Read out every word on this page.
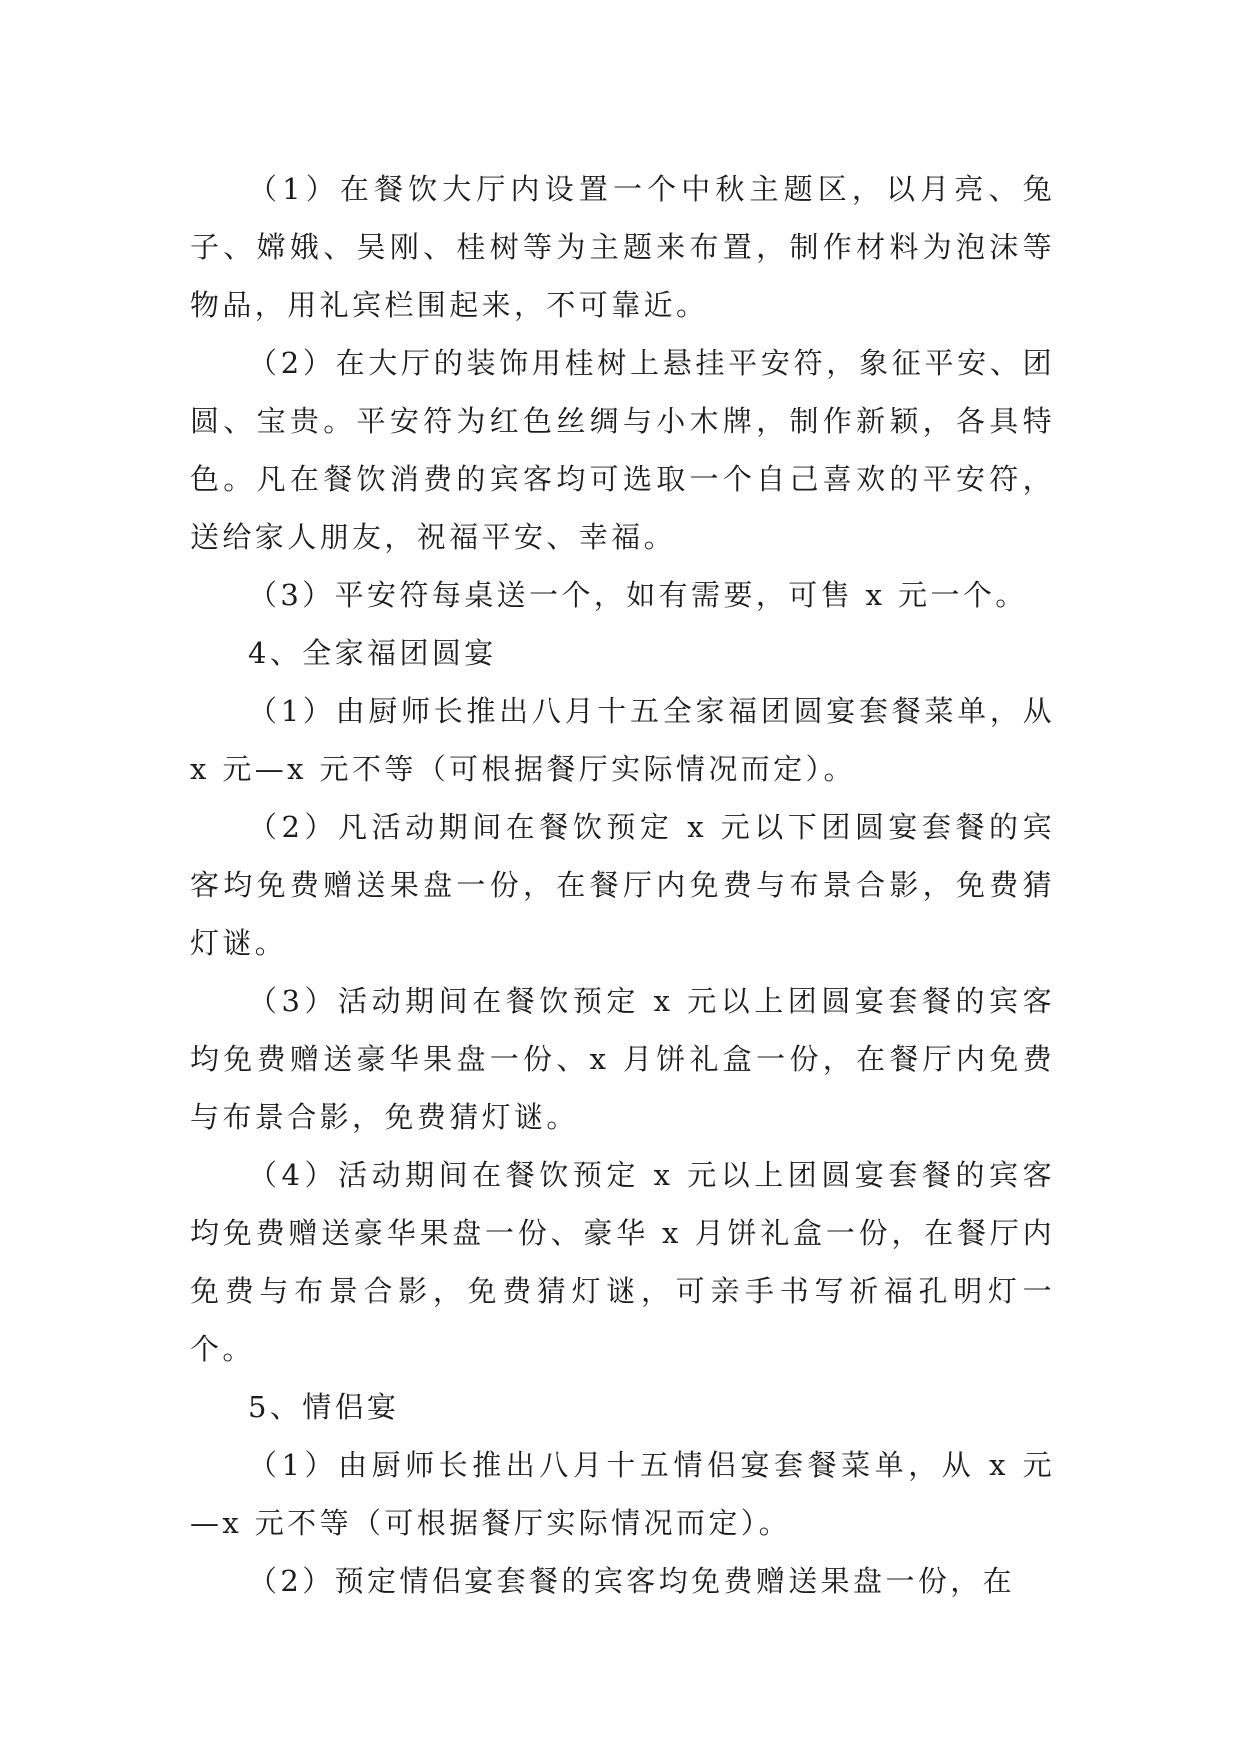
（1）在餐饮大厅内设置一个中秋主题区，以月亮、兔子、嫦娥、吴刚、桂树等为主题来布置，制作材料为泡沫等物品，用礼宾栏围起来，不可靠近。

（2）在大厅的装饰用桂树上悬挂平安符，象征平安、团圆、宝贵。平安符为红色丝绸与小木牌，制作新颖，各具特色。凡在餐饮消费的宾客均可选取一个自己喜欢的平安符，送给家人朋友，祝福平安、幸福。

（3）平安符每桌送一个，如有需要，可售 x 元一个。

4、全家福团圆宴

（1）由厨师长推出八月十五全家福团圆宴套餐菜单，从 x 元—x 元不等（可根据餐厅实际情况而定）。

（2）凡活动期间在餐饮预定 x 元以下团圆宴套餐的宾客均免费赠送果盘一份，在餐厅内免费与布景合影，免费猜灯谜。

（3）活动期间在餐饮预定 x 元以上团圆宴套餐的宾客均免费赠送豪华果盘一份、x 月饼礼盒一份，在餐厅内免费与布景合影，免费猜灯谜。

（4）活动期间在餐饮预定 x 元以上团圆宴套餐的宾客均免费赠送豪华果盘一份、豪华 x 月饼礼盒一份，在餐厅内免费与布景合影，免费猜灯谜，可亲手书写祈福孔明灯一个。

5、情侣宴

（1）由厨师长推出八月十五情侣宴套餐菜单，从 x 元—x 元不等（可根据餐厅实际情况而定）。

（2）预定情侣宴套餐的宾客均免费赠送果盘一份，在
